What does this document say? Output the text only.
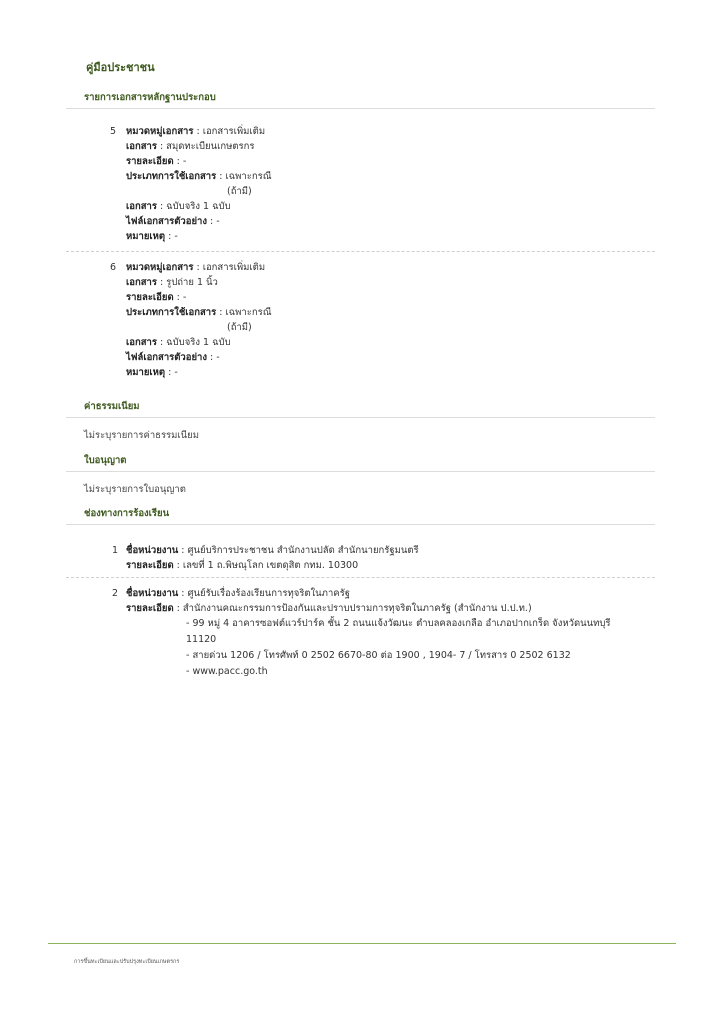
คู่มือประชาชน
รายการเอกสารหลักฐานประกอบ
5 หมวดหมู่เอกสาร : เอกสารเพิ่มเติม
เอกสาร : สมุดทะเบียนเกษตรกร
รายละเอียด : -
ประเภทการใช้เอกสาร : เฉพาะกรณี
(ถ้ามี)
เอกสาร : ฉบับจริง 1 ฉบับ
ไฟล์เอกสารตัวอย่าง : -
หมายเหตุ : -
6 หมวดหมู่เอกสาร : เอกสารเพิ่มเติม
เอกสาร : รูปถ่าย 1 นิ้ว
รายละเอียด : -
ประเภทการใช้เอกสาร : เฉพาะกรณี
(ถ้ามี)
เอกสาร : ฉบับจริง 1 ฉบับ
ไฟล์เอกสารตัวอย่าง : -
หมายเหตุ : -
ค่าธรรมเนียม
ไม่ระบุรายการค่าธรรมเนียม
ใบอนุญาต
ไม่ระบุรายการใบอนุญาต
ช่องทางการร้องเรียน
1 ชื่อหน่วยงาน : ศูนย์บริการประชาชน สำนักงานปลัด สำนักนายกรัฐมนตรี
รายละเอียด : เลขที่ 1 ถ.พิษณุโลก เขตดุสิต กทม. 10300
2 ชื่อหน่วยงาน : ศูนย์รับเรื่องร้องเรียนการทุจริตในภาครัฐ
รายละเอียด : สำนักงานคณะกรรมการป้องกันและปราบปรามการทุจริตในภาครัฐ (สำนักงาน ป.ป.ท.)
- 99 หมู่ 4 อาคารซอฟต์แวร์ปาร์ค ชั้น 2 ถนนแจ้งวัฒนะ ตำบลคลองเกลือ อำเภอปากเกร็ด จังหวัดนนทบุรี
11120
- สายด่วน 1206 / โทรศัพท์ 0 2502 6670-80 ต่อ 1900 , 1904- 7 / โทรสาร 0 2502 6132
- www.pacc.go.th
การขึ้นทะเบียนและปรับปรุงทะเบียนเกษตรกร
